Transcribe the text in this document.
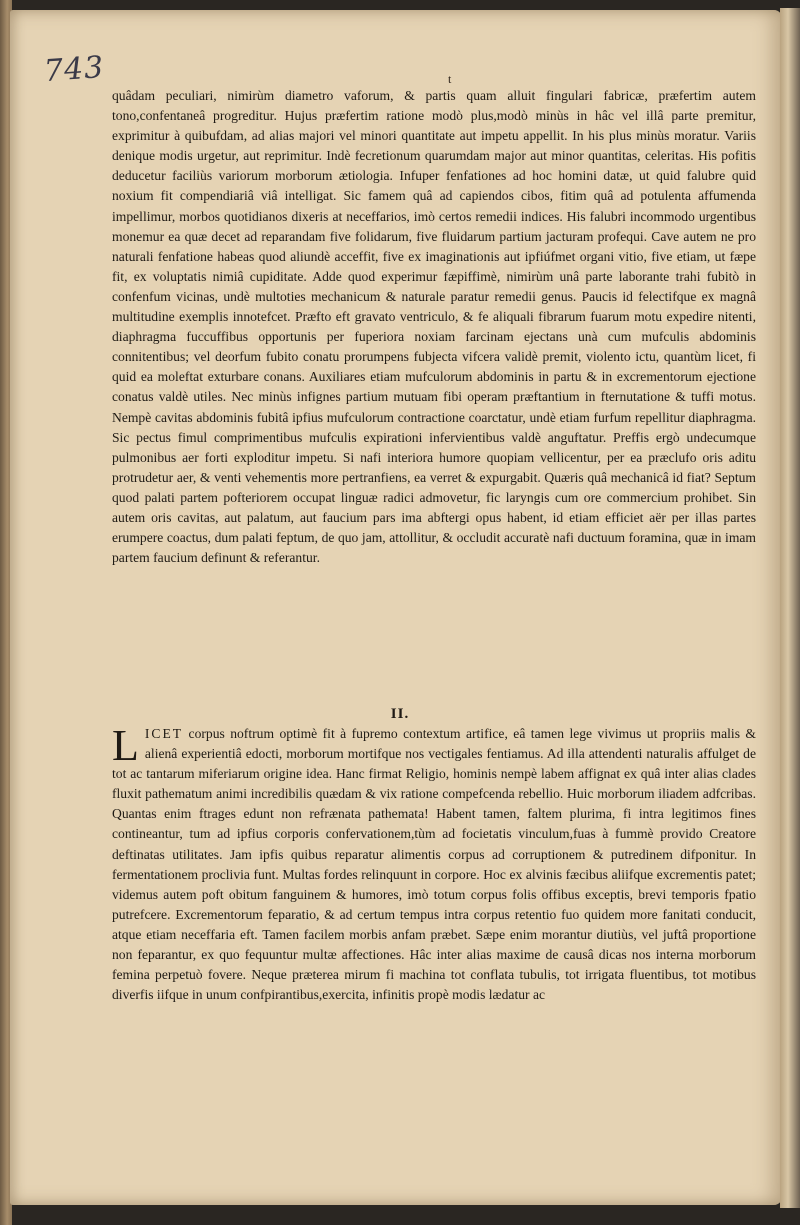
743	t

quâdam peculiari, nimirùm diametro vaforum, & partis quam alluit fingulari fabricæ, præfertim autem tono,confentaneâ progreditur. Hujus præfertim ratione modò plus,modò minùs in hâc vel illâ parte premitur, exprimitur à quibufdam, ad alias majori vel minori quantitate aut impetu appellit. In his plus minùs moratur. Variis denique modis urgetur, aut reprimitur. Indè fecretionum quarumdam major aut minor quantitas, celeritas. His pofitis deducetur faciliùs variorum morborum ætiologia. Infuper fenfationes ad hoc homini datæ, ut quid falubre quid noxium fit compendiariâ viâ intelligat. Sic famem quâ ad capiendos cibos, fitim quâ ad potulenta affumenda impellimur, morbos quotidianos dixeris at neceffarios, imò certos remedii indices. His falubri incommodo urgentibus monemur ea quæ decet ad reparandam five folidarum, five fluidarum partium jacturam profequi. Cave autem ne pro naturali fenfatione habeas quod aliundè acceffit, five ex imaginationis aut ipfiúfmet organi vitio, five etiam, ut fæpe fit, ex voluptatis nimiâ cupiditate. Adde quod experimur fæpiffimè, nimirùm unâ parte laborante trahi fubitò in confenfum vicinas, undè multoties mechanicum & naturale paratur remedii genus. Paucis id felectifque ex magnâ multitudine exemplis innotefcet. Præfto eft gravato ventriculo, & fe aliquali fibrarum fuarum motu expedire nitenti, diaphragma fuccuffibus opportunis per fuperiora noxiam farcinam ejectans unà cum mufculis abdominis connitentibus; vel deorfum fubito conatu prorumpens fubjecta vifcera validè premit, violento ictu, quantùm licet, fi quid ea moleftat exturbare conans. Auxiliares etiam mufculorum abdominis in partu & in excrementorum ejectione conatus valdè utiles. Nec minùs infignes partium mutuam fibi operam præftantium in fternutatione & tuffi motus. Nempè cavitas abdominis fubitâ ipfius mufculorum contractione coarctatur, undè etiam furfum repellitur diaphragma. Sic pectus fimul comprimentibus mufculis expirationi infervientibus valdè anguftatur. Preffis ergò undecumque pulmonibus aer forti exploditur impetu. Si nafi interiora humore quopiam vellicentur, per ea præclufo oris aditu protrudetur aer, & venti vehementis more pertranfiens, ea verret & expurgabit. Quæris quâ mechanicâ id fiat? Septum quod palati partem pofteriorem occupat linguæ radici admovetur, fic laryngis cum ore commercium prohibet. Sin autem oris cavitas, aut palatum, aut faucium pars ima abftergi opus habent, id etiam efficiet aër per illas partes erumpere coactus, dum palati feptum, de quo jam, attollitur, & occludit accuratè nafi ductuum foramina, quæ in imam partem faucium definunt & referantur.

II.

LICET corpus noftrum optimè fit à fupremo contextum artifice, eâ tamen lege vivimus ut propriis malis & alienâ experientiâ edocti, morborum mortifque nos vectigales fentiamus. Ad illa attendenti naturalis affulget de tot ac tantarum miferiarum origine idea. Hanc firmat Religio, hominis nempè labem affignat ex quâ inter alias clades fluxit pathematum animi incredibilis quædam & vix ratione compefcenda rebellio. Huic morborum iliadem adfcribas. Quantas enim ftrages edunt non refrænata pathemata! Habent tamen, faltem plurima, fi intra legitimos fines contineantur, tum ad ipfius corporis confervationem,tùm ad focietatis vinculum,fuas à fummè provido Creatore deftinatas utilitates. Jam ipfis quibus reparatur alimentis corpus ad corruptionem & putredinem difponitur. In fermentationem proclivia funt. Multas fordes relinquunt in corpore. Hoc ex alvinis fæcibus aliifque excrementis patet; videmus autem poft obitum fanguinem & humores, imò totum corpus folis offibus exceptis, brevi temporis fpatio putrefcere. Excrementorum feparatio, & ad certum tempus intra corpus retentio fuo quidem more fanitati conducit, atque etiam neceffaria eft. Tamen facilem morbis anfam præbet. Sæpe enim morantur diutiùs, vel juftâ proportione non feparantur, ex quo fequuntur multæ affectiones. Hâc inter alias maxime de causâ dicas nos interna morborum femina perpetuò fovere. Neque præterea mirum fi machina tot conflata tubulis, tot irrigata fluentibus, tot motibus diverfis iifque in unum confpirantibus,exercita, infinitis propè modis lædatur ac
